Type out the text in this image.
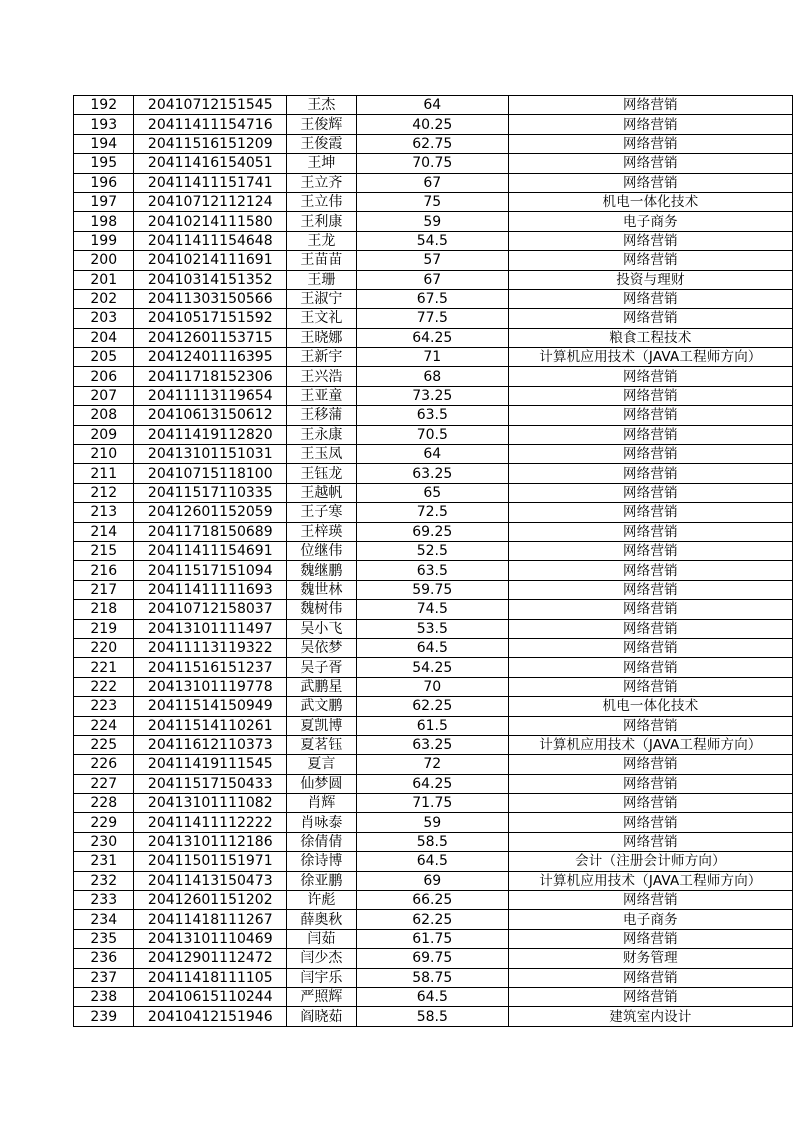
192	20410712151545	王杰	64	网络营销
193	20411411154716	王俊辉	40.25	网络营销
194	20411516151209	王俊霞	62.75	网络营销
195	20411416154051	王坤	70.75	网络营销
196	20411411151741	王立齐	67	网络营销
197	20410712112124	王立伟	75	机电一体化技术
198	20410214111580	王利康	59	电子商务
199	20411411154648	王龙	54.5	网络营销
200	20410214111691	王苗苗	57	网络营销
201	20410314151352	王珊	67	投资与理财
202	20411303150566	王淑宁	67.5	网络营销
203	20410517151592	王文礼	77.5	网络营销
204	20412601153715	王晓娜	64.25	粮食工程技术
205	20412401116395	王新宇	71	计算机应用技术（JAVA工程师方向）
206	20411718152306	王兴浩	68	网络营销
207	20411113119654	王亚童	73.25	网络营销
208	20410613150612	王移蒲	63.5	网络营销
209	20411419112820	王永康	70.5	网络营销
210	20413101151031	王玉凤	64	网络营销
211	20410715118100	王钰龙	63.25	网络营销
212	20411517110335	王越帆	65	网络营销
213	20412601152059	王子寒	72.5	网络营销
214	20411718150689	王梓瑛	69.25	网络营销
215	20411411154691	位继伟	52.5	网络营销
216	20411517151094	魏继鹏	63.5	网络营销
217	20411411111693	魏世林	59.75	网络营销
218	20410712158037	魏树伟	74.5	网络营销
219	20413101111497	吴小飞	53.5	网络营销
220	20411113119322	吴依梦	64.5	网络营销
221	20411516151237	吴子胥	54.25	网络营销
222	20413101119778	武鹏星	70	网络营销
223	20411514150949	武文鹏	62.25	机电一体化技术
224	20411514110261	夏凯博	61.5	网络营销
225	20411612110373	夏茗钰	63.25	计算机应用技术（JAVA工程师方向）
226	20411419111545	夏言	72	网络营销
227	20411517150433	仙梦圆	64.25	网络营销
228	20413101111082	肖辉	71.75	网络营销
229	20411411112222	肖咏泰	59	网络营销
230	20413101112186	徐倩倩	58.5	网络营销
231	20411501151971	徐诗博	64.5	会计（注册会计师方向）
232	20411413150473	徐亚鹏	69	计算机应用技术（JAVA工程师方向）
233	20412601151202	许彪	66.25	网络营销
234	20411418111267	薛奥秋	62.25	电子商务
235	20413101110469	闫茹	61.75	网络营销
236	20412901112472	闫少杰	69.75	财务管理
237	20411418111105	闫宇乐	58.75	网络营销
238	20410615110244	严照辉	64.5	网络营销
239	20410412151946	阎晓茹	58.5	建筑室内设计
